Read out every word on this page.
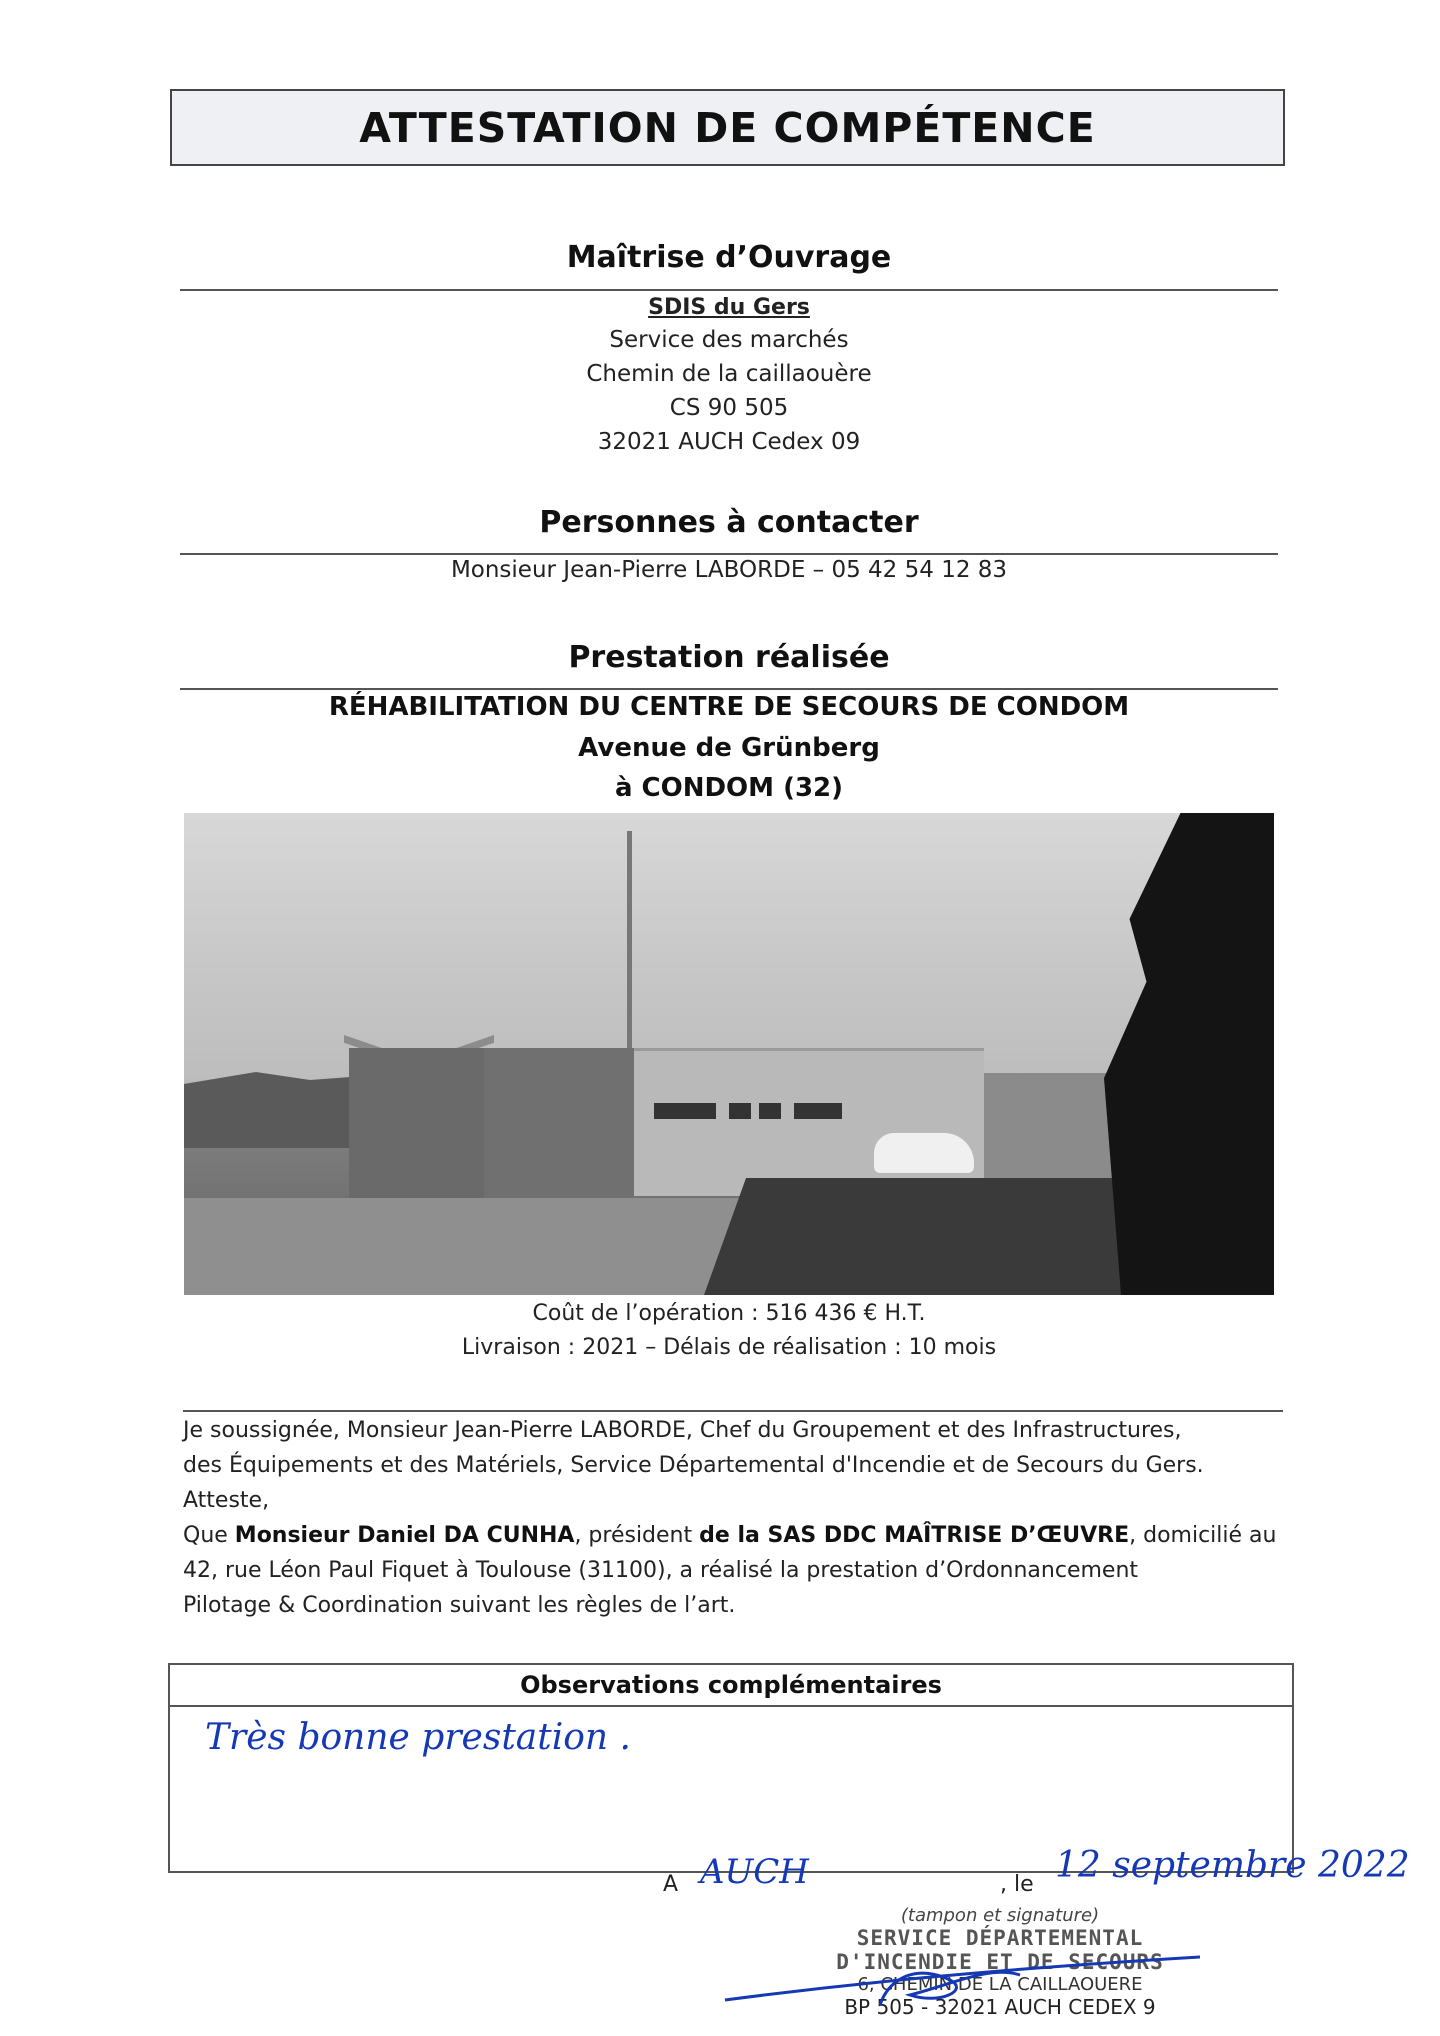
ATTESTATION DE COMPÉTENCE
Maîtrise d’Ouvrage
SDIS du Gers
Service des marchés
Chemin de la caillaouère
CS 90 505
32021 AUCH Cedex 09
Personnes à contacter
Monsieur Jean-Pierre LABORDE – 05 42 54 12 83
Prestation réalisée
RÉHABILITATION DU CENTRE DE SECOURS DE CONDOM
Avenue de Grünberg
à CONDOM (32)
Coût de l’opération : 516 436 € H.T.
Livraison : 2021 – Délais de réalisation : 10 mois
Je soussignée, Monsieur Jean-Pierre LABORDE, Chef du Groupement et des Infrastructures,
des Équipements et des Matériels, Service Départemental d'Incendie et de Secours du Gers.
Atteste,
Que Monsieur Daniel DA CUNHA, président de la SAS DDC MAÎTRISE D’ŒUVRE, domicilié au
42, rue Léon Paul Fiquet à Toulouse (31100), a réalisé la prestation d’Ordonnancement
Pilotage & Coordination suivant les règles de l’art.
Observations complémentaires
Très bonne prestation .
A AUCH	, le 12 septembre 2022
(tampon et signature)
SERVICE DÉPARTEMENTAL
D'INCENDIE ET DE SECOURS
6, CHEMIN DE LA CAILLAOUERE
BP 505 - 32021 AUCH CEDEX 9
